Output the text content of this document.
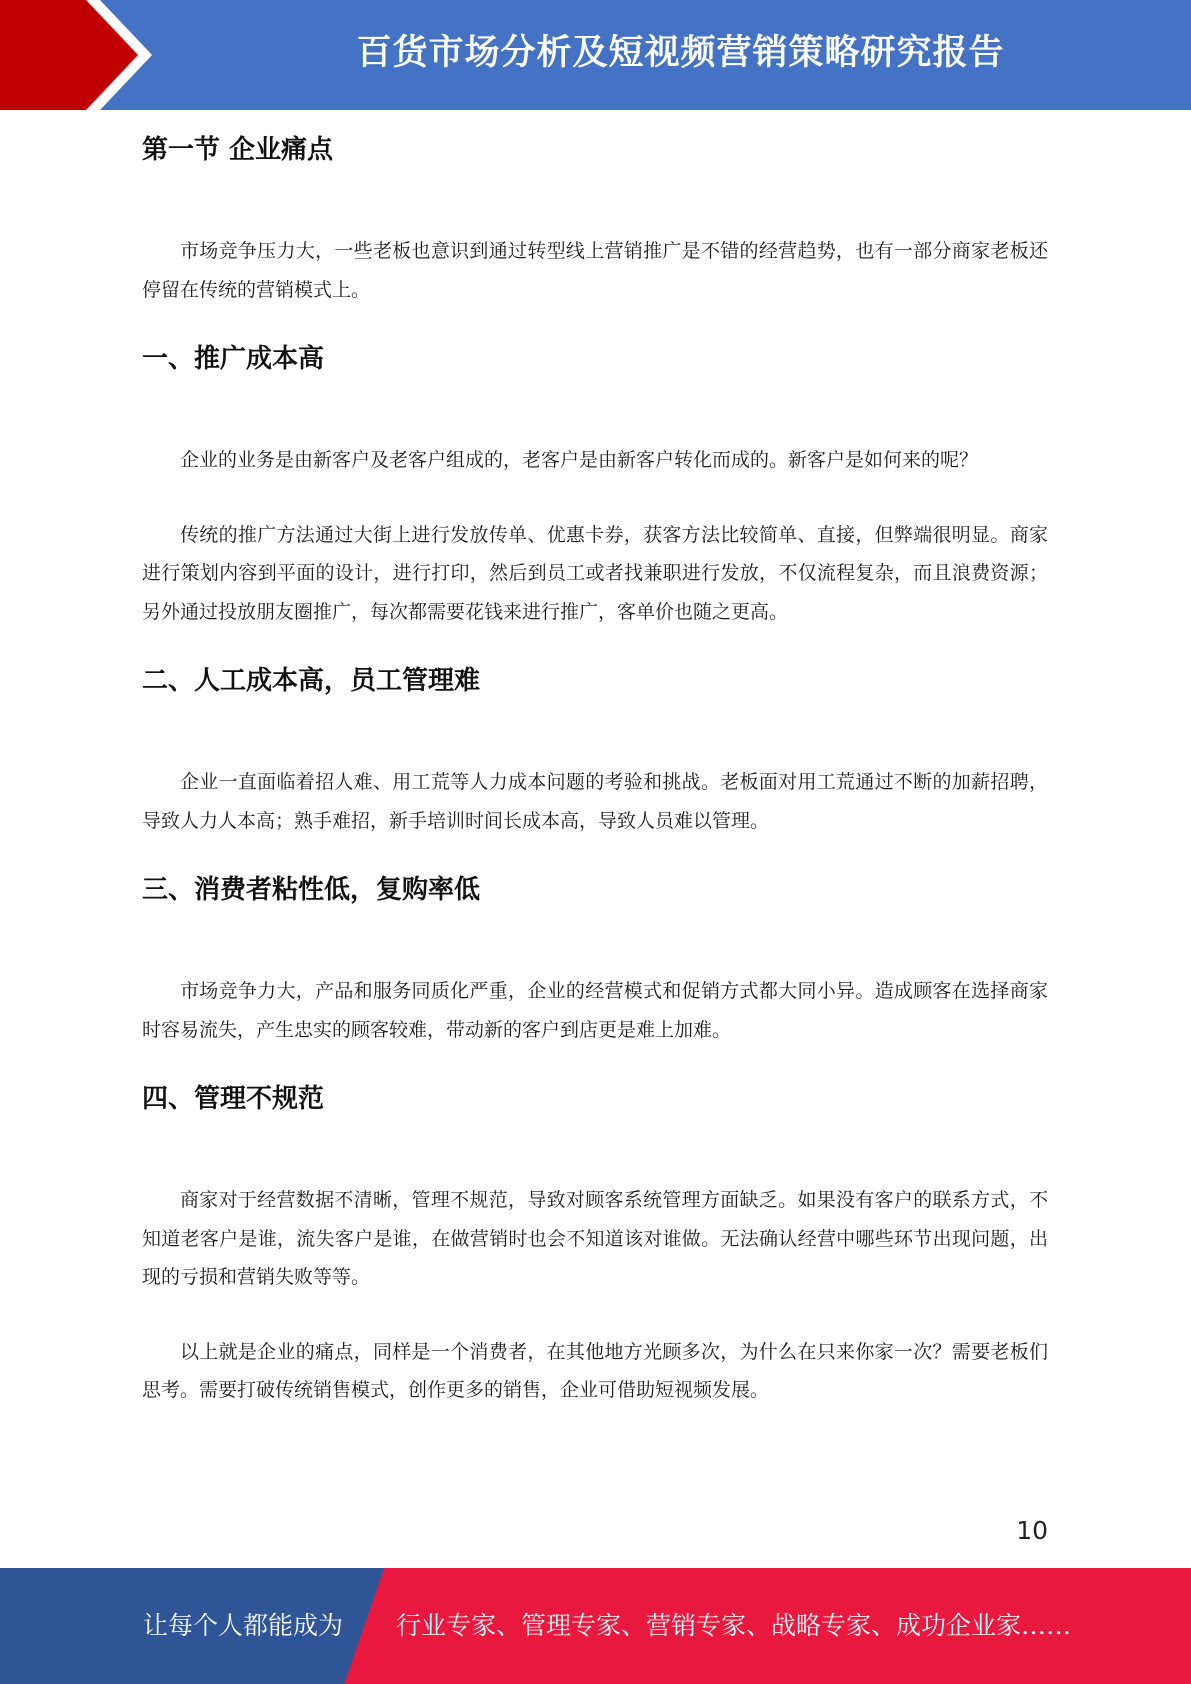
百货市场分析及短视频营销策略研究报告
第一节 企业痛点

市场竞争压力大，一些老板也意识到通过转型线上营销推广是不错的经营趋势，也有一部分商家老板还停留在传统的营销模式上。

一、推广成本高

企业的业务是由新客户及老客户组成的，老客户是由新客户转化而成的。新客户是如何来的呢？

传统的推广方法通过大街上进行发放传单、优惠卡券，获客方法比较简单、直接，但弊端很明显。商家进行策划内容到平面的设计，进行打印，然后到员工或者找兼职进行发放，不仅流程复杂，而且浪费资源；另外通过投放朋友圈推广，每次都需要花钱来进行推广，客单价也随之更高。

二、人工成本高，员工管理难

企业一直面临着招人难、用工荒等人力成本问题的考验和挑战。老板面对用工荒通过不断的加薪招聘，导致人力人本高；熟手难招，新手培训时间长成本高，导致人员难以管理。

三、消费者粘性低，复购率低

市场竞争力大，产品和服务同质化严重，企业的经营模式和促销方式都大同小异。造成顾客在选择商家时容易流失，产生忠实的顾客较难，带动新的客户到店更是难上加难。

四、管理不规范

商家对于经营数据不清晰，管理不规范，导致对顾客系统管理方面缺乏。如果没有客户的联系方式，不知道老客户是谁，流失客户是谁，在做营销时也会不知道该对谁做。无法确认经营中哪些环节出现问题，出现的亏损和营销失败等等。

以上就是企业的痛点，同样是一个消费者，在其他地方光顾多次，为什么在只来你家一次？需要老板们思考。需要打破传统销售模式，创作更多的销售，企业可借助短视频发展。

10
让每个人都能成为 行业专家、管理专家、营销专家、战略专家、成功企业家……
